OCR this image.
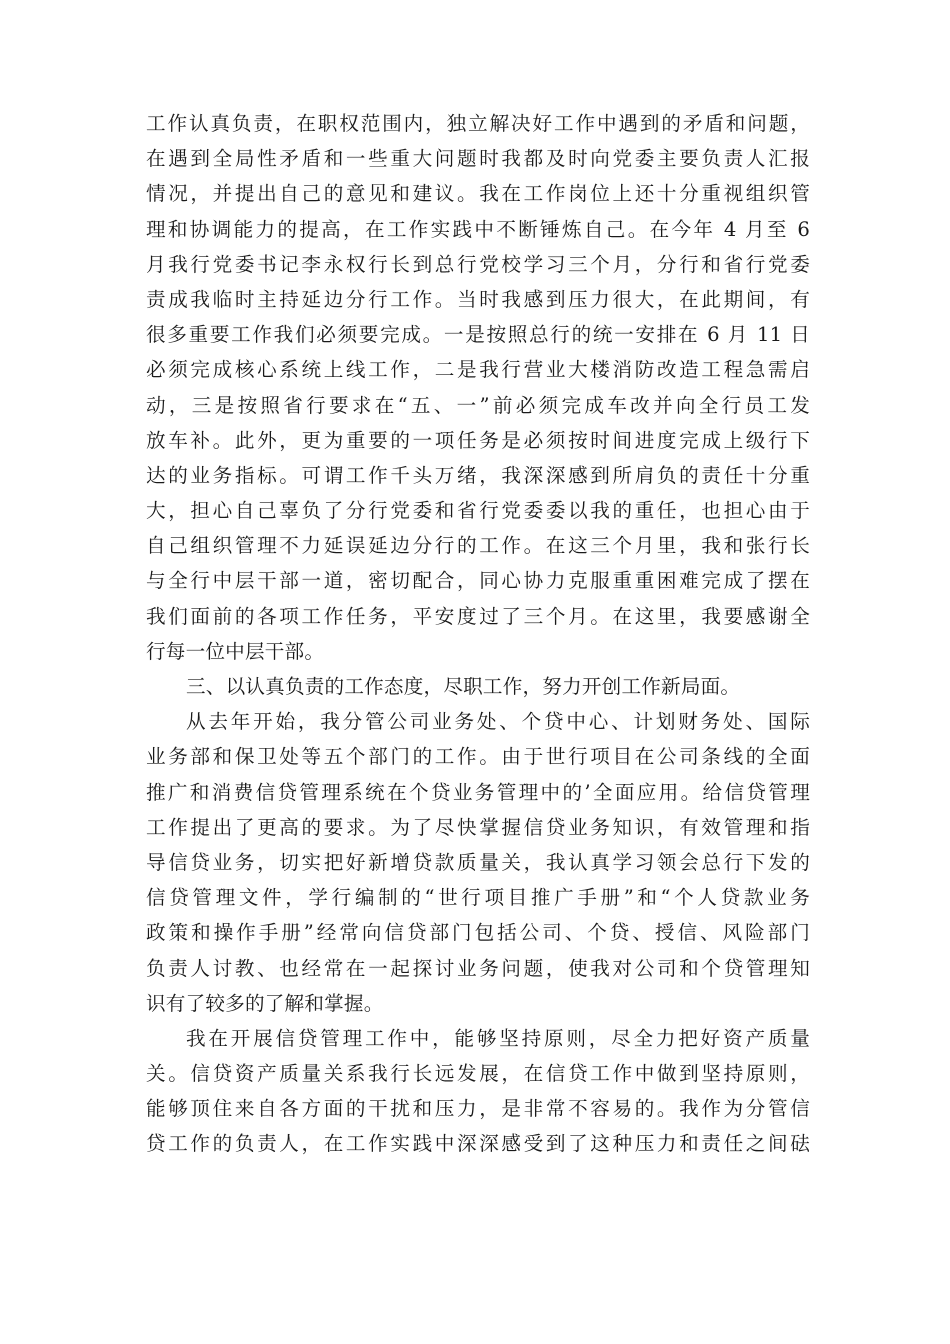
工作认真负责，在职权范围内，独立解决好工作中遇到的矛盾和问题，
在遇到全局性矛盾和一些重大问题时我都及时向党委主要负责人汇报
情况，并提出自己的意见和建议。我在工作岗位上还十分重视组织管
理和协调能力的提高，在工作实践中不断锤炼自己。在今年 4 月至 6
月我行党委书记李永权行长到总行党校学习三个月，分行和省行党委
责成我临时主持延边分行工作。当时我感到压力很大，在此期间，有
很多重要工作我们必须要完成。一是按照总行的统一安排在 6 月 11 日
必须完成核心系统上线工作，二是我行营业大楼消防改造工程急需启
动，三是按照省行要求在“五、一”前必须完成车改并向全行员工发
放车补。此外，更为重要的一项任务是必须按时间进度完成上级行下
达的业务指标。可谓工作千头万绪，我深深感到所肩负的责任十分重
大，担心自己辜负了分行党委和省行党委委以我的重任，也担心由于
自己组织管理不力延误延边分行的工作。在这三个月里，我和张行长
与全行中层干部一道，密切配合，同心协力克服重重困难完成了摆在
我们面前的各项工作任务，平安度过了三个月。在这里，我要感谢全
行每一位中层干部。
三、以认真负责的工作态度，尽职工作，努力开创工作新局面。
从去年开始，我分管公司业务处、个贷中心、计划财务处、国际
业务部和保卫处等五个部门的工作。由于世行项目在公司条线的全面
推广和消费信贷管理系统在个贷业务管理中的’全面应用。给信贷管理
工作提出了更高的要求。为了尽快掌握信贷业务知识，有效管理和指
导信贷业务，切实把好新增贷款质量关，我认真学习领会总行下发的
信贷管理文件，学行编制的“世行项目推广手册”和“个人贷款业务
政策和操作手册”经常向信贷部门包括公司、个贷、授信、风险部门
负责人讨教、也经常在一起探讨业务问题，使我对公司和个贷管理知
识有了较多的了解和掌握。
我在开展信贷管理工作中，能够坚持原则，尽全力把好资产质量
关。信贷资产质量关系我行长远发展，在信贷工作中做到坚持原则，
能够顶住来自各方面的干扰和压力，是非常不容易的。我作为分管信
贷工作的负责人，在工作实践中深深感受到了这种压力和责任之间砝
